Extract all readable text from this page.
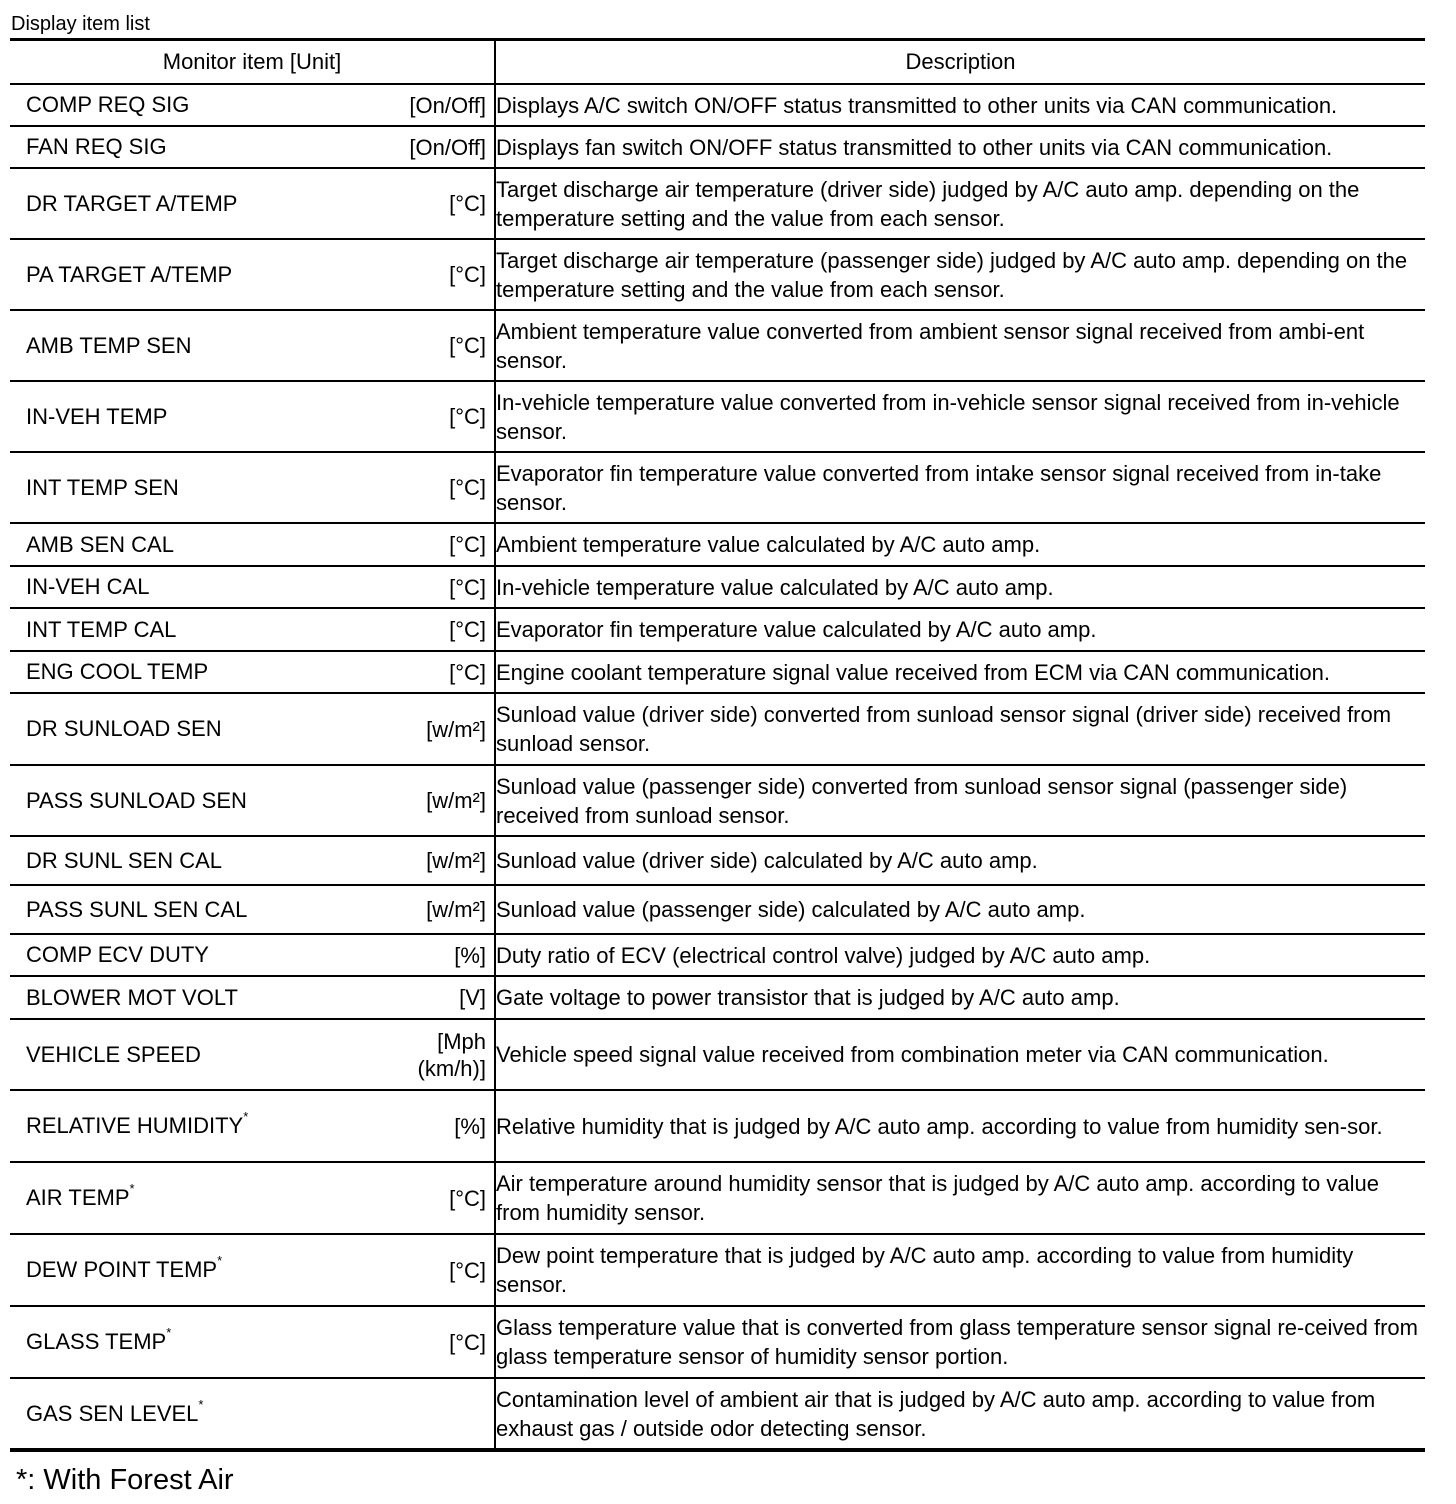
Display item list
Monitor item [Unit]	Description

COMP REQ SIG [On/Off]	Displays A/C switch ON/OFF status transmitted to other units via CAN communication.

FAN REQ SIG [On/Off]	Displays fan switch ON/OFF status transmitted to other units via CAN communication.

DR TARGET A/TEMP [°C]	Target discharge air temperature (driver side) judged by A/C auto amp. depending on the temperature setting and the value from each sensor.

PA TARGET A/TEMP [°C]	Target discharge air temperature (passenger side) judged by A/C auto amp. depending on the temperature setting and the value from each sensor.

AMB TEMP SEN [°C]	Ambient temperature value converted from ambient sensor signal received from ambi-ent sensor.

IN-VEH TEMP [°C]	In-vehicle temperature value converted from in-vehicle sensor signal received from in-vehicle sensor.

INT TEMP SEN [°C]	Evaporator fin temperature value converted from intake sensor signal received from in-take sensor.

AMB SEN CAL [°C]	Ambient temperature value calculated by A/C auto amp.

IN-VEH CAL [°C]	In-vehicle temperature value calculated by A/C auto amp.

INT TEMP CAL [°C]	Evaporator fin temperature value calculated by A/C auto amp.

ENG COOL TEMP [°C]	Engine coolant temperature signal value received from ECM via CAN communication.

DR SUNLOAD SEN [w/m²]	Sunload value (driver side) converted from sunload sensor signal (driver side) received from sunload sensor.

PASS SUNLOAD SEN [w/m²]	Sunload value (passenger side) converted from sunload sensor signal (passenger side) received from sunload sensor.

DR SUNL SEN CAL [w/m²]	Sunload value (driver side) calculated by A/C auto amp.

PASS SUNL SEN CAL [w/m²]	Sunload value (passenger side) calculated by A/C auto amp.

COMP ECV DUTY [%]	Duty ratio of ECV (electrical control valve) judged by A/C auto amp.

BLOWER MOT VOLT [V]	Gate voltage to power transistor that is judged by A/C auto amp.

VEHICLE SPEED
[Mph
(km/h)]	Vehicle speed signal value received from combination meter via CAN communication.

RELATIVE HUMIDITY* [%]	Relative humidity that is judged by A/C auto amp. according to value from humidity sen-sor.

AIR TEMP* [°C]	Air temperature around humidity sensor that is judged by A/C auto amp. according to value from humidity sensor.

DEW POINT TEMP* [°C]	Dew point temperature that is judged by A/C auto amp. according to value from humidity sensor.

GLASS TEMP* [°C]	Glass temperature value that is converted from glass temperature sensor signal re-ceived from glass temperature sensor of humidity sensor portion.

GAS SEN LEVEL*	Contamination level of ambient air that is judged by A/C auto amp. according to value from exhaust gas / outside odor detecting sensor.
*: With Forest Air
